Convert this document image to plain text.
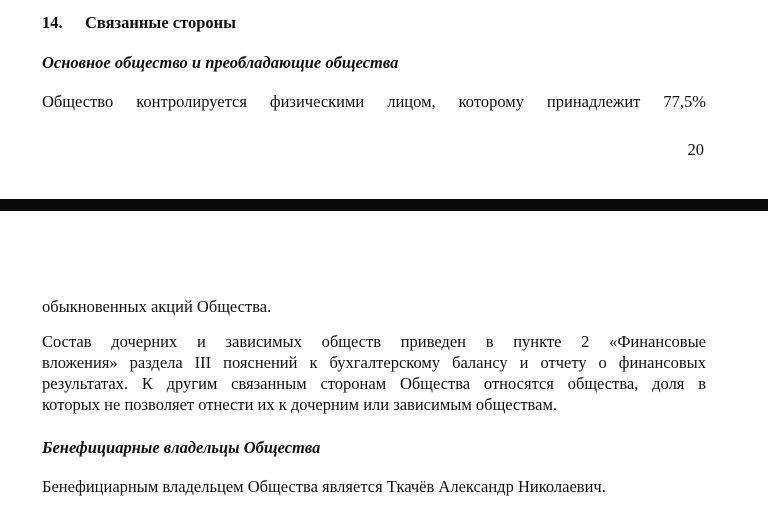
14. Связанные стороны
Основное общество и преобладающие общества
Общество контролируется физическими лицом, которому принадлежит 77,5%
20
обыкновенных акций Общества.
Состав дочерних и зависимых обществ приведен в пункте 2 «Финансовые
вложения» раздела III пояснений к бухгалтерскому балансу и отчету о финансовых
результатах. К другим связанным сторонам Общества относятся общества, доля в
которых не позволяет отнести их к дочерним или зависимым обществам.
Бенефициарные владельцы Общества
Бенефициарным владельцем Общества является Ткачёв Александр Николаевич.
